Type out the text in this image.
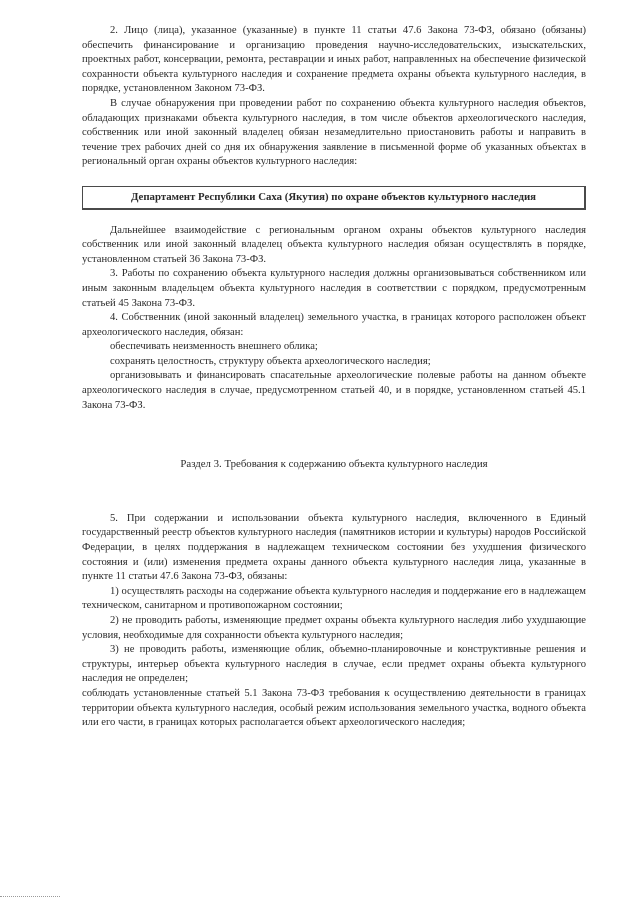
2. Лицо (лица), указанное (указанные) в пункте 11 статьи 47.6 Закона 73-ФЗ, обязано (обязаны) обеспечить финансирование и организацию проведения научно-исследовательских, изыскательских, проектных работ, консервации, ремонта, реставрации и иных работ, направленных на обеспечение физической сохранности объекта культурного наследия и сохранение предмета охраны объекта культурного наследия, в порядке, установленном Законом 73-ФЗ.

В случае обнаружения при проведении работ по сохранению объекта культурного наследия объектов, обладающих признаками объекта культурного наследия, в том числе объектов археологического наследия, собственник или иной законный владелец обязан незамедлительно приостановить работы и направить в течение трех рабочих дней со дня их обнаружения заявление в письменной форме об указанных объектах в региональный орган охраны объектов культурного наследия:

Департамент Республики Саха (Якутия) по охране объектов культурного наследия

Дальнейшее взаимодействие с региональным органом охраны объектов культурного наследия собственник или иной законный владелец объекта культурного наследия обязан осуществлять в порядке, установленном статьей 36 Закона 73-ФЗ.

3. Работы по сохранению объекта культурного наследия должны организовываться собственником или иным законным владельцем объекта культурного наследия в соответствии с порядком, предусмотренным статьей 45 Закона 73-ФЗ.

4. Собственник (иной законный владелец) земельного участка, в границах которого расположен объект археологического наследия, обязан:

обеспечивать неизменность внешнего облика;

сохранять целостность, структуру объекта археологического наследия;

организовывать и финансировать спасательные археологические полевые работы на данном объекте археологического наследия в случае, предусмотренном статьей 40, и в порядке, установленном статьей 45.1 Закона 73-ФЗ.

Раздел 3. Требования к содержанию объекта культурного наследия

5. При содержании и использовании объекта культурного наследия, включенного в Единый государственный реестр объектов культурного наследия (памятников истории и культуры) народов Российской Федерации, в целях поддержания в надлежащем техническом состоянии без ухудшения физического состояния и (или) изменения предмета охраны данного объекта культурного наследия лица, указанные в пункте 11 статьи 47.6 Закона 73-ФЗ, обязаны:

1) осуществлять расходы на содержание объекта культурного наследия и поддержание его в надлежащем техническом, санитарном и противопожарном состоянии;

2) не проводить работы, изменяющие предмет охраны объекта культурного наследия либо ухудшающие условия, необходимые для сохранности объекта культурного наследия;

3) не проводить работы, изменяющие облик, объемно-планировочные и конструктивные решения и структуры, интерьер объекта культурного наследия в случае, если предмет охраны объекта культурного наследия не определен;

соблюдать установленные статьей 5.1 Закона 73-ФЗ требования к осуществлению деятельности в границах территории объекта культурного наследия, особый режим использования земельного участка, водного объекта или его части, в границах которых располагается объект археологического наследия;
